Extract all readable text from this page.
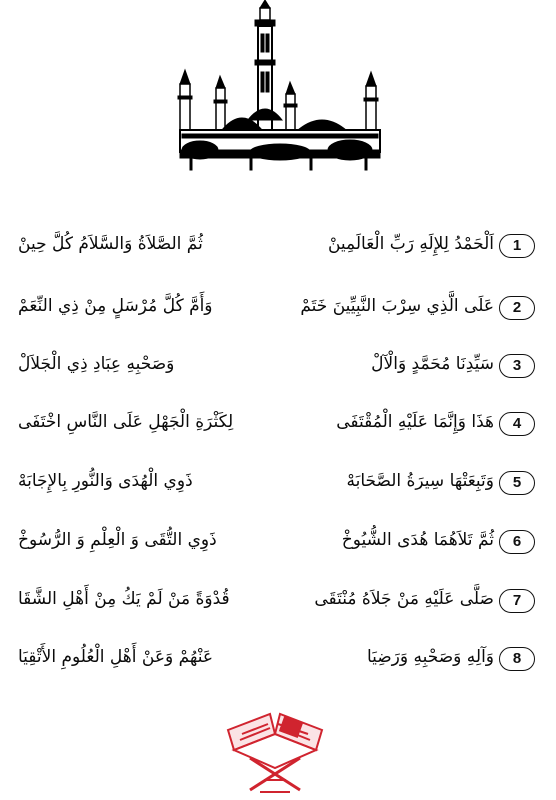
1
اَلْحَمْدُ لِلإِلَهِ رَبِّ الْعَالَمِينْ
ثُمَّ الصَّلاَةُ وَالسَّلاَمُ كُلَّ حِينْ
2
عَلَى الَّذِي سِرْبَ النَّبِيِّينَ خَتَمْ
وَأَمَّ كُلَّ مُرْسَلٍ مِنْ ذِي النِّعَمْ
3
سَيِّدِنَا مُحَمَّدٍ وَالْآلْ
وَصَحْبِهِ عِبَادِ ذِي الْجَلاَلْ
4
هَذَا وَإِنَّمَا عَلَيْهِ الْمُقْتَفَى
لِكَثْرَةِ الْجَهْلِ عَلَى النَّاسِ اخْتَفَى
5
وَتَبِعَتْهَا سِيرَةُ الصَّحَابَهْ
ذَوِي الْهُدَى وَالنُّورِ بِالإِجَابَهْ
6
ثُمَّ تَلاَهُمَا هُدَى الشُّيُوخْ
ذَوِي التُّقَى وَ الْعِلْمِ وَ الرُّسُوخْ
7
صَلَّى عَلَيْهِ مَنْ جَلاَهُ مُنْتَقَى
قُدْوَةً مَنْ لَمْ يَكُ مِنْ أَهْلِ الشَّقَا
8
وَآلِهِ وَصَحْبِهِ وَرَضِيَا
عَنْهُمْ وَعَنْ أَهْلِ الْعُلُومِ الأَتْقِيَا
